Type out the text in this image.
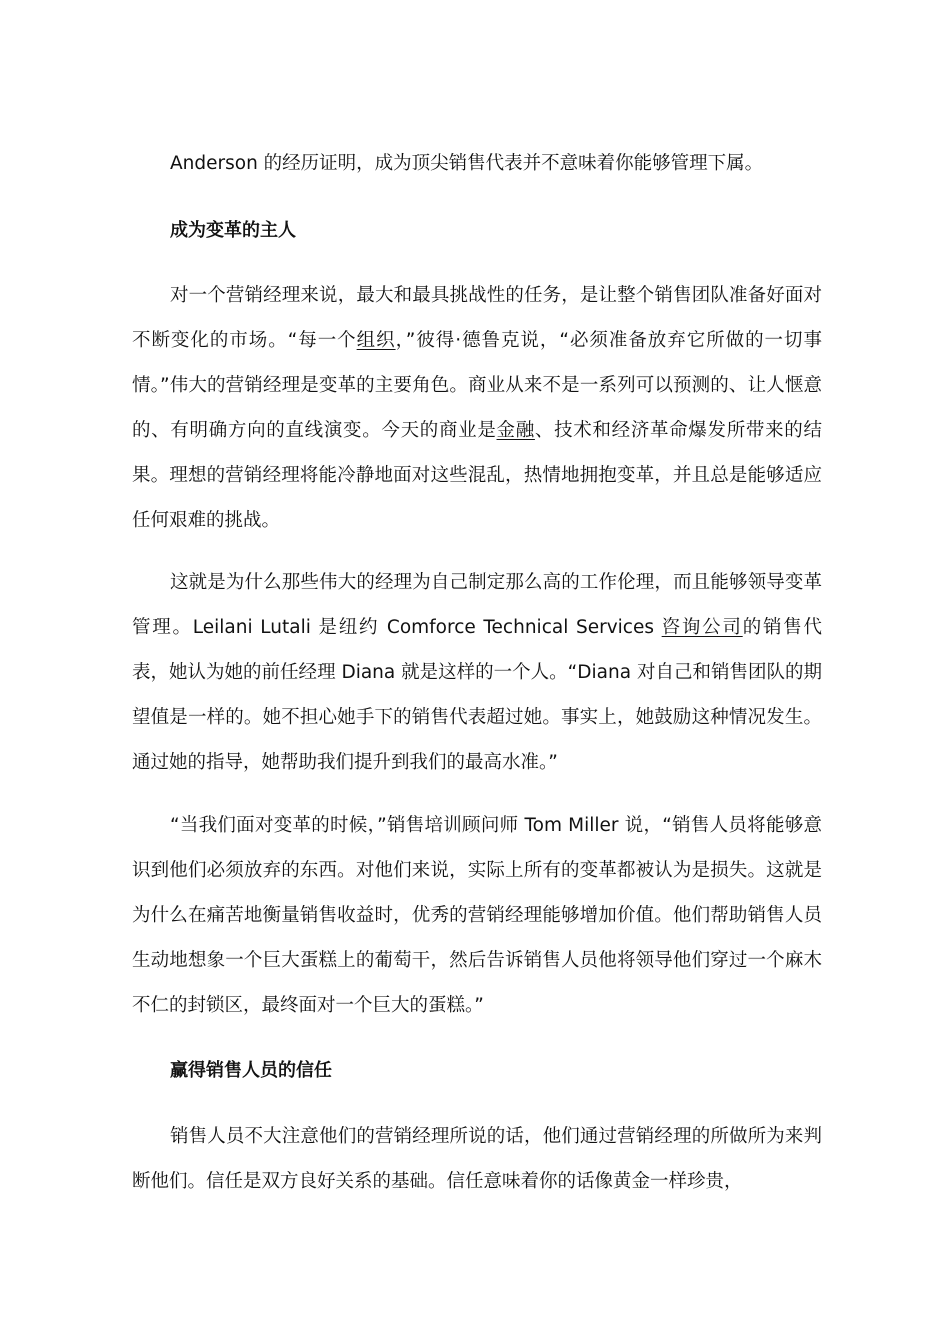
Anderson 的经历证明，成为顶尖销售代表并不意味着你能够管理下属。

成为变革的主人

对一个营销经理来说，最大和最具挑战性的任务，是让整个销售团队准备好面对不断变化的市场。“每一个组织，”彼得·德鲁克说，“必须准备放弃它所做的一切事情。”伟大的营销经理是变革的主要角色。商业从来不是一系列可以预测的、让人惬意的、有明确方向的直线演变。今天的商业是金融、技术和经济革命爆发所带来的结果。理想的营销经理将能冷静地面对这些混乱，热情地拥抱变革，并且总是能够适应任何艰难的挑战。

这就是为什么那些伟大的经理为自己制定那么高的工作伦理，而且能够领导变革管理。Leilani Lutali 是纽约 Comforce Technical Services 咨询公司的销售代表，她认为她的前任经理 Diana 就是这样的一个人。“Diana 对自己和销售团队的期望值是一样的。她不担心她手下的销售代表超过她。事实上，她鼓励这种情况发生。通过她的指导，她帮助我们提升到我们的最高水准。”

“当我们面对变革的时候，”销售培训顾问师 Tom Miller 说，“销售人员将能够意识到他们必须放弃的东西。对他们来说，实际上所有的变革都被认为是损失。这就是为什么在痛苦地衡量销售收益时，优秀的营销经理能够增加价值。他们帮助销售人员生动地想象一个巨大蛋糕上的葡萄干，然后告诉销售人员他将领导他们穿过一个麻木不仁的封锁区，最终面对一个巨大的蛋糕。”

赢得销售人员的信任

销售人员不大注意他们的营销经理所说的话，他们通过营销经理的所做所为来判断他们。信任是双方良好关系的基础。信任意味着你的话像黄金一样珍贵，
